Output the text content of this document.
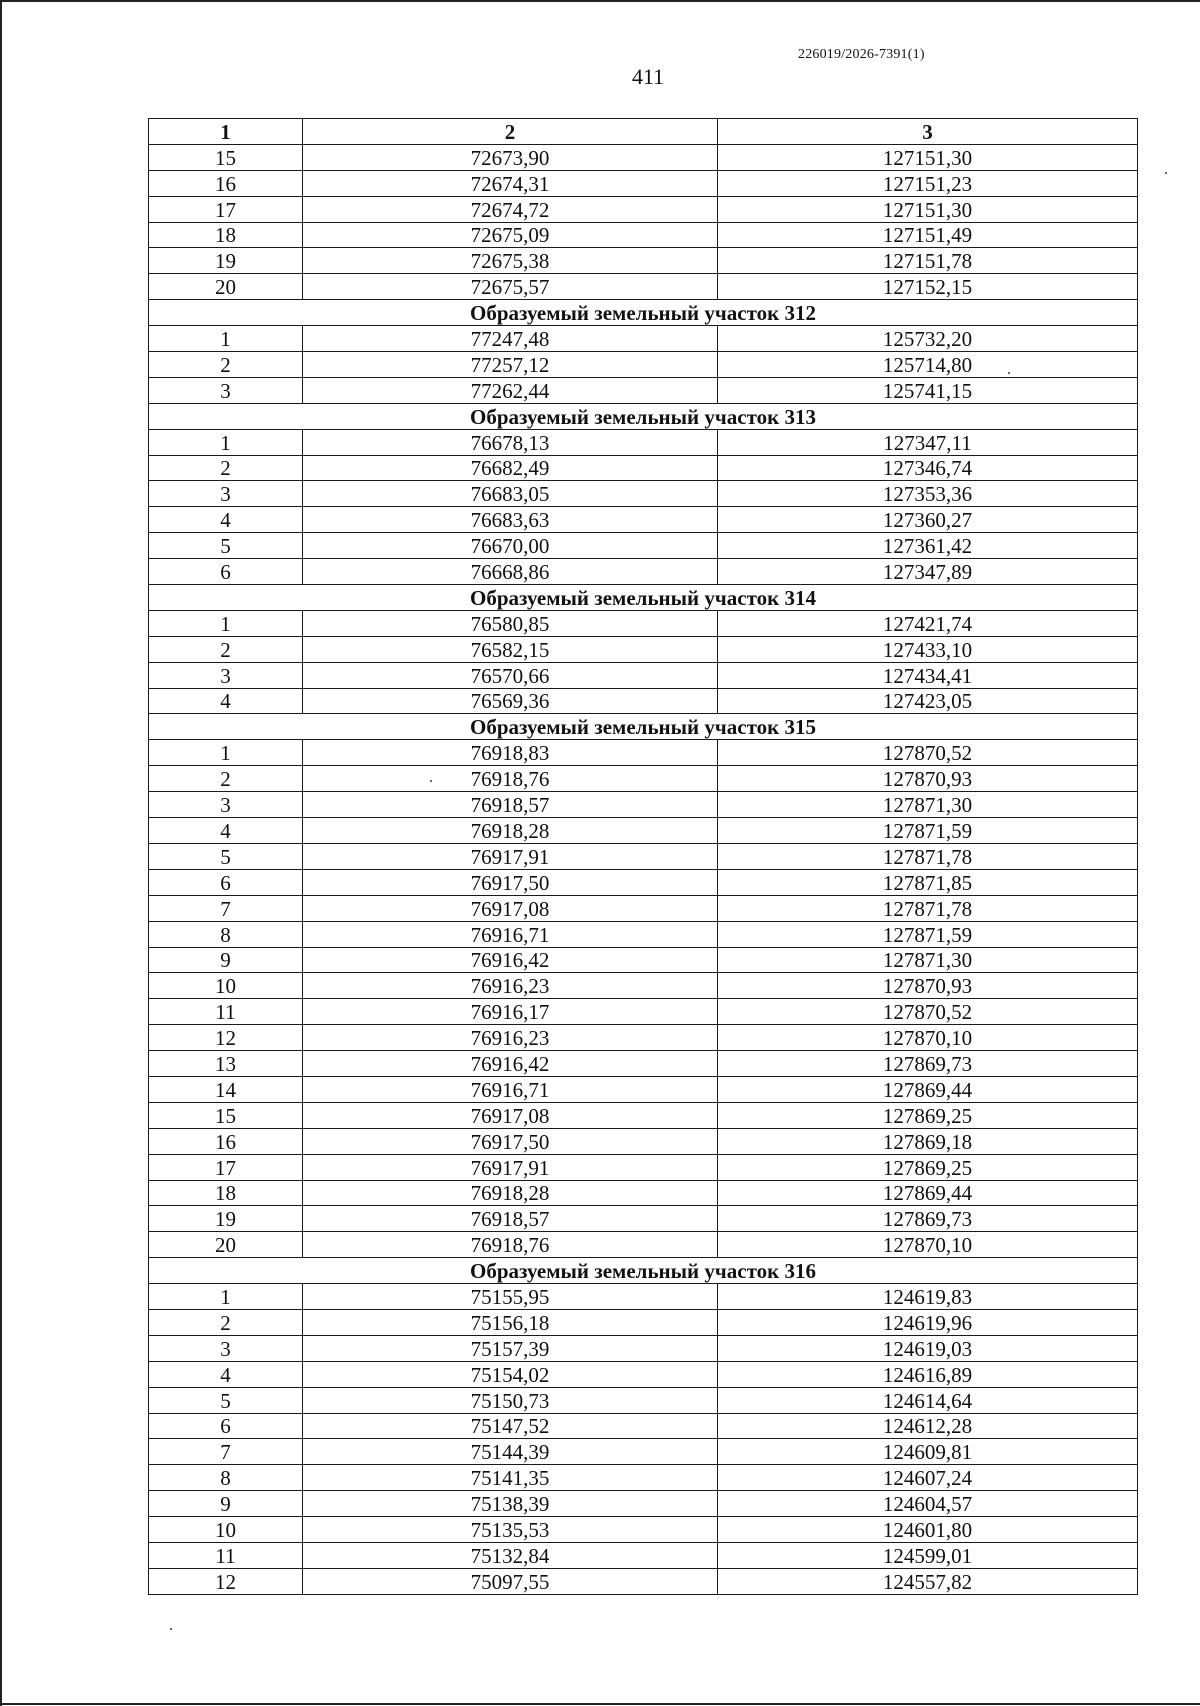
226019/2026-7391(1)
411
1	2	3
15	72673,90	127151,30
16	72674,31	127151,23
17	72674,72	127151,30
18	72675,09	127151,49
19	72675,38	127151,78
20	72675,57	127152,15
Образуемый земельный участок 312		
1	77247,48	125732,20
2	77257,12	125714,80
3	77262,44	125741,15
Образуемый земельный участок 313		
1	76678,13	127347,11
2	76682,49	127346,74
3	76683,05	127353,36
4	76683,63	127360,27
5	76670,00	127361,42
6	76668,86	127347,89
Образуемый земельный участок 314		
1	76580,85	127421,74
2	76582,15	127433,10
3	76570,66	127434,41
4	76569,36	127423,05
Образуемый земельный участок 315		
1	76918,83	127870,52
2	76918,76	127870,93
3	76918,57	127871,30
4	76918,28	127871,59
5	76917,91	127871,78
6	76917,50	127871,85
7	76917,08	127871,78
8	76916,71	127871,59
9	76916,42	127871,30
10	76916,23	127870,93
11	76916,17	127870,52
12	76916,23	127870,10
13	76916,42	127869,73
14	76916,71	127869,44
15	76917,08	127869,25
16	76917,50	127869,18
17	76917,91	127869,25
18	76918,28	127869,44
19	76918,57	127869,73
20	76918,76	127870,10
Образуемый земельный участок 316		
1	75155,95	124619,83
2	75156,18	124619,96
3	75157,39	124619,03
4	75154,02	124616,89
5	75150,73	124614,64
6	75147,52	124612,28
7	75144,39	124609,81
8	75141,35	124607,24
9	75138,39	124604,57
10	75135,53	124601,80
11	75132,84	124599,01
12	75097,55	124557,82
